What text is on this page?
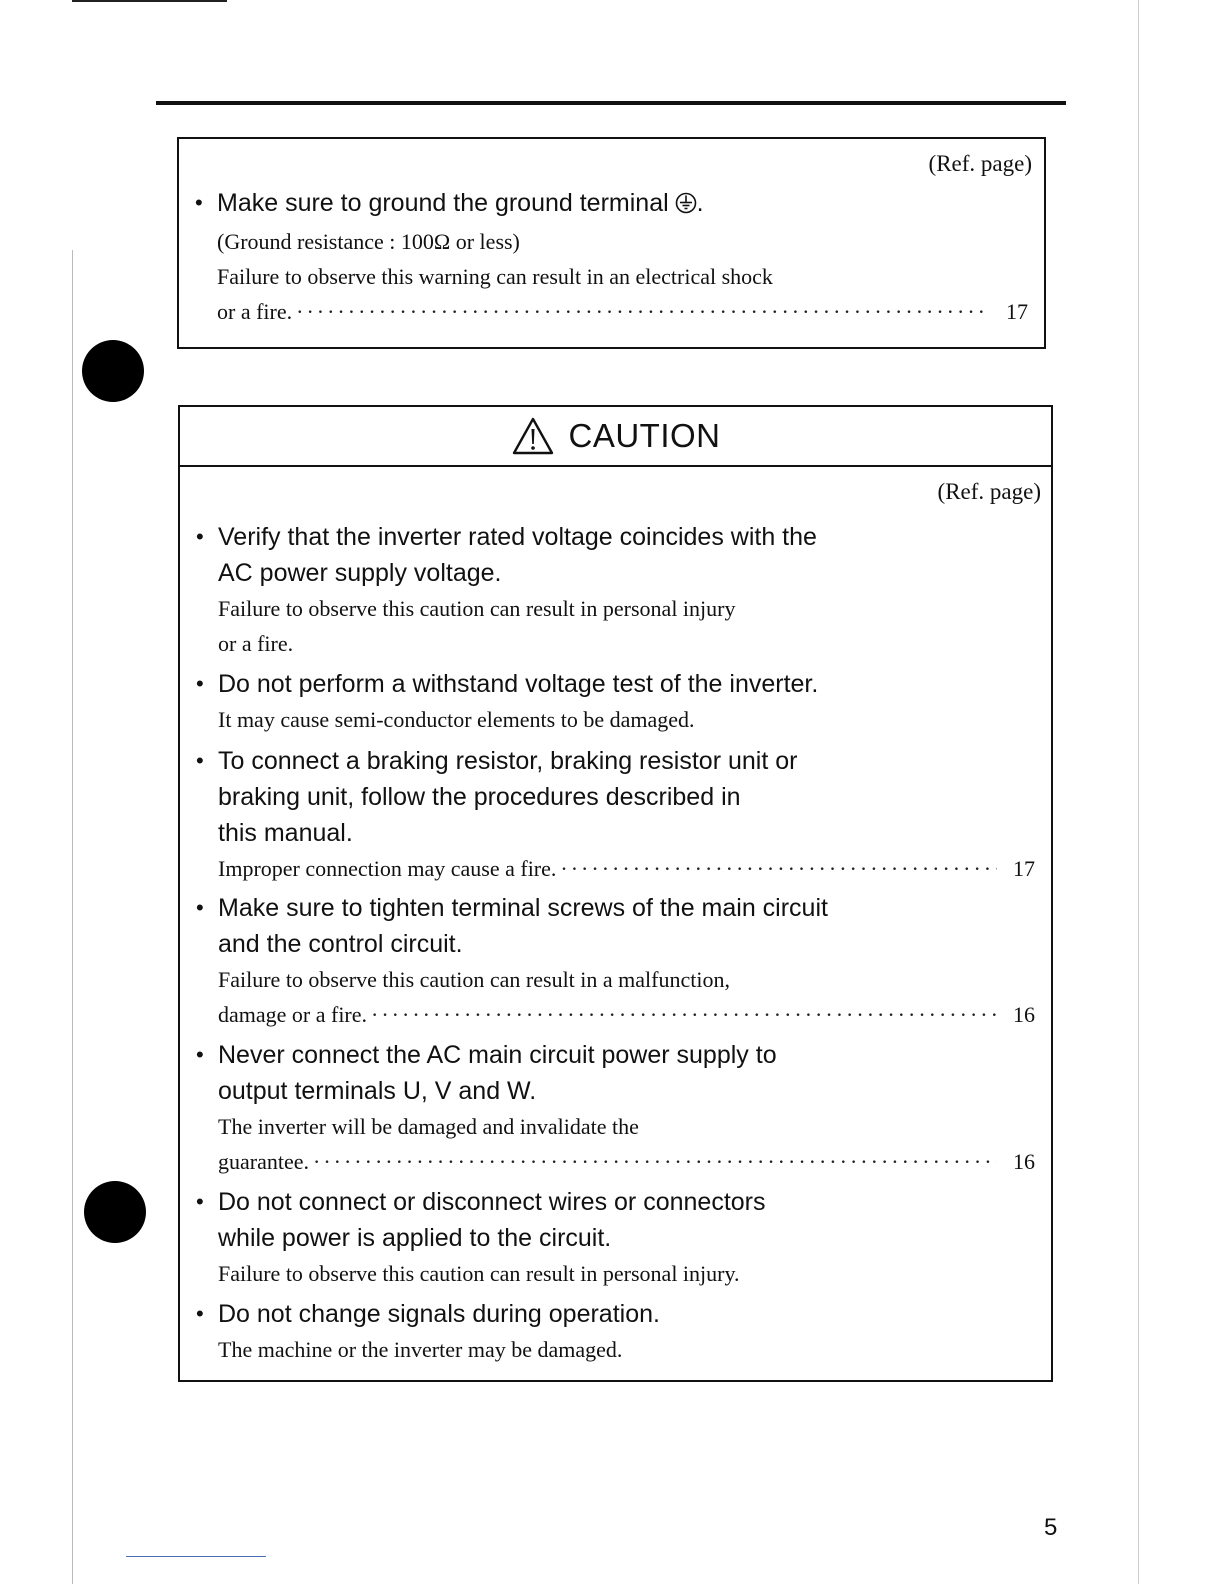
(Ref. page)
• Make sure to ground the ground terminal .
(Ground resistance : 100Ω or less)
Failure to observe this warning can result in an electrical shock
or a fire. ·····	17
CAUTION
(Ref. page)
• Verify that the inverter rated voltage coincides with the
AC power supply voltage.
Failure to observe this caution can result in personal injury
or a fire.
• Do not perform a withstand voltage test of the inverter.
It may cause semi-conductor elements to be damaged.
• To connect a braking resistor, braking resistor unit or
braking unit, follow the procedures described in
this manual.
Improper connection may cause a fire. ·····	17
• Make sure to tighten terminal screws of the main circuit
and the control circuit.
Failure to observe this caution can result in a malfunction,
damage or a fire. ·····	16
• Never connect the AC main circuit power supply to
output terminals U, V and W.
The inverter will be damaged and invalidate the
guarantee. ·····	16
• Do not connect or disconnect wires or connectors
while power is applied to the circuit.
Failure to observe this caution can result in personal injury.
• Do not change signals during operation.
The machine or the inverter may be damaged.
5
